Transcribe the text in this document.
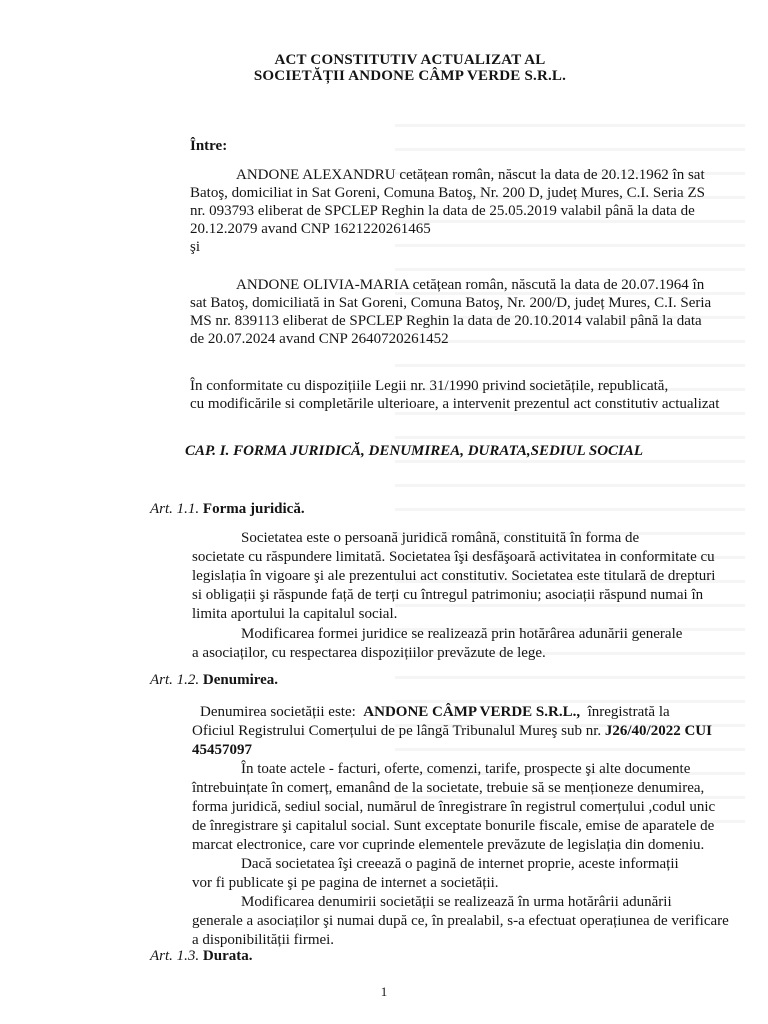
ACT CONSTITUTIV ACTUALIZAT AL
SOCIETĂȚII ANDONE CÂMP VERDE S.R.L.
Între:
ANDONE ALEXANDRU cetățean român, născut la data de 20.12.1962 în sat
Batoş, domiciliat in Sat Goreni, Comuna Batoş, Nr. 200 D, județ Mures, C.I. Seria ZS
nr. 093793 eliberat de SPCLEP Reghin la data de 25.05.2019 valabil până la data de
20.12.2079 avand CNP 1621220261465
şi
ANDONE OLIVIA-MARIA cetățean român, născută la data de 20.07.1964 în
sat Batoş, domiciliată in Sat Goreni, Comuna Batoş, Nr. 200/D, județ Mures, C.I. Seria
MS nr. 839113 eliberat de SPCLEP Reghin la data de 20.10.2014 valabil până la data
de 20.07.2024 avand CNP 2640720261452
În conformitate cu dispozițiile Legii nr. 31/1990 privind societățile, republicată,
cu modificările si completările ulterioare, a intervenit prezentul act constitutiv actualizat
CAP. I. FORMA JURIDICĂ, DENUMIREA, DURATA,SEDIUL SOCIAL
Art. 1.1. Forma juridică.
Societatea este o persoană juridică română, constituită în forma de
societate cu răspundere limitată. Societatea îşi desfăşoară activitatea in conformitate cu
legislația în vigoare şi ale prezentului act constitutiv. Societatea este titulară de drepturi
si obligații şi răspunde față de terți cu întregul patrimoniu; asociații răspund numai în
limita aportului la capitalul social.
Modificarea formei juridice se realizează prin hotărârea adunării generale
a asociaților, cu respectarea dispozițiilor prevăzute de lege.
Art. 1.2. Denumirea.
Denumirea societății este: ANDONE CÂMP VERDE S.R.L., înregistrată la
Oficiul Registrului Comerțului de pe lângă Tribunalul Mureş sub nr. J26/40/2022 CUI
45457097
În toate actele - facturi, oferte, comenzi, tarife, prospecte şi alte documente
întrebuințate în comerț, emanând de la societate, trebuie să se menționeze denumirea,
forma juridică, sediul social, numărul de înregistrare în registrul comerțului ,codul unic
de înregistrare şi capitalul social. Sunt exceptate bonurile fiscale, emise de aparatele de
marcat electronice, care vor cuprinde elementele prevăzute de legislația din domeniu.
Dacă societatea îşi creează o pagină de internet proprie, aceste informații
vor fi publicate şi pe pagina de internet a societății.
Modificarea denumirii societății se realizează în urma hotărârii adunării
generale a asociaților şi numai după ce, în prealabil, s-a efectuat operațiunea de verificare
a disponibilității firmei.
Art. 1.3. Durata.
1
